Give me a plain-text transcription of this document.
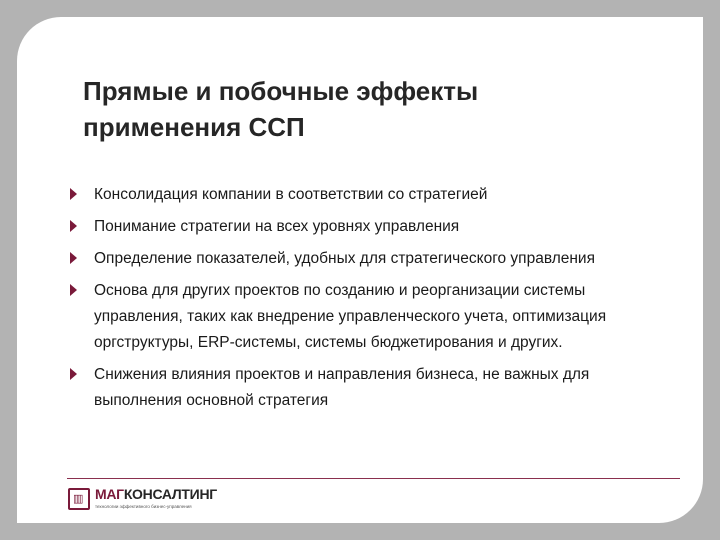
Прямые и побочные эффекты
применения ССП
Консолидация компании в соответствии со стратегией
Понимание стратегии на всех уровнях управления
Определение показателей, удобных для стратегического управления
Основа для других проектов по созданию и реорганизации системы управления, таких как внедрение управленческого учета, оптимизация оргструктуры, ERP-системы, системы бюджетирования и других.
Снижения влияния проектов и направления бизнеса, не важных для выполнения основной стратегия
▥ МАГКОНСАЛТИНГ
технологии эффективного бизнес-управления
